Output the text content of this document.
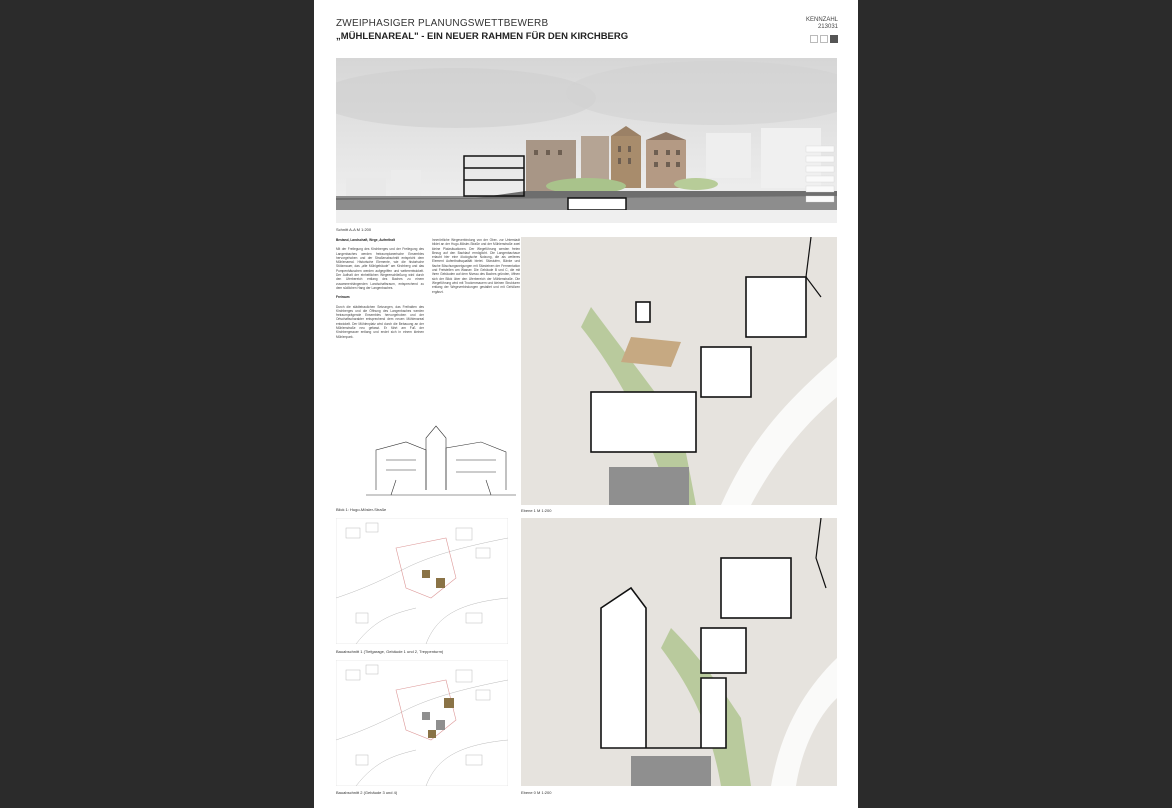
ZWEIPHASIGER PLANUNGSWETTBEWERB
„MÜHLENAREAL" - EIN NEUER RAHMEN FÜR DEN KIRCHBERG
KENNZAHL
213031
Schnitt A-A M 1:200

Bestand, Landschaft, Wege, Aufenthalt

Mit der Freilegung des Kirchberges und der Freilegung des Langenbaches werden freiraumplanerische Ensembles hervorgehoben und der Straßenabschnitt entspricht dem Mühlenareal. Historische Elemente, wie die historische Stützmauer, das „alte Mühlgebäude" am Kirchberg und das Pumpenhäuschen werden aufgegriffen und weiterentwickelt. Der Aufhalt der einheitlichen Wegeerschließung wird durch den Uferbereich entlang des Baches zu einem zusammenhängenden Landschaftsraum, entsprechend zu dem südlichen Hang der Langenbaches.

Freiraum

Durch die städtebaulichen Setzungen, das Freihalten des Kirchberges und die Öffnung des Langenbaches werden freiraumprägende Ensembles hervorgehoben und der Ortschaftscharakter entsprechend dem neuen Mühlenareal entwickelt. Der Mühlenplatz wird durch die Bebauung an der Mühlenstraße neu gefasst. Er führt am Fuß der Kirchbergmauer entlang und endet sich in einem kleinen Mühlenpark.

Innerörtliche Wegeverbindung von der Ober- zur Unterstadt bildet an der Hugo-Mösler-Straße und der Mühlenstraße zwei kleine Platzsituationen. Der Wegeführung werden freien Bezug auf den Bachlauf ermöglicht. Die Langenbachaue erlaubt hier eine ökologische Nutzung, die als weiteres Element Aufenthaltsqualität bietet. Sitzstufen, Bänke und flache Böschungsneigungen mit Sitzsteinen der Fermentation und Freistellen am Wasser. Die Gebäude B und C, die mit ihren Gebäuden auf dem Niveau des Baches gründen, öffnen sich der Blick über den Uferbereich der Mühlenstraße. Die Wegeführung wird mit Trockenmauern und kleinen Strukturen entlang der Wegeverbindungen gestaltet und mit Gehölzen ergänzt.

Blick 1: Hugo-Mösler-Straße
Bauabschnitt 1 (Tiefgarage, Gebäude 1 und 2, Treppenturm)
Bauabschnitt 2 (Gebäude 3 und 4)
Ebene 1 M 1:200
Ebene 0 M 1:200
